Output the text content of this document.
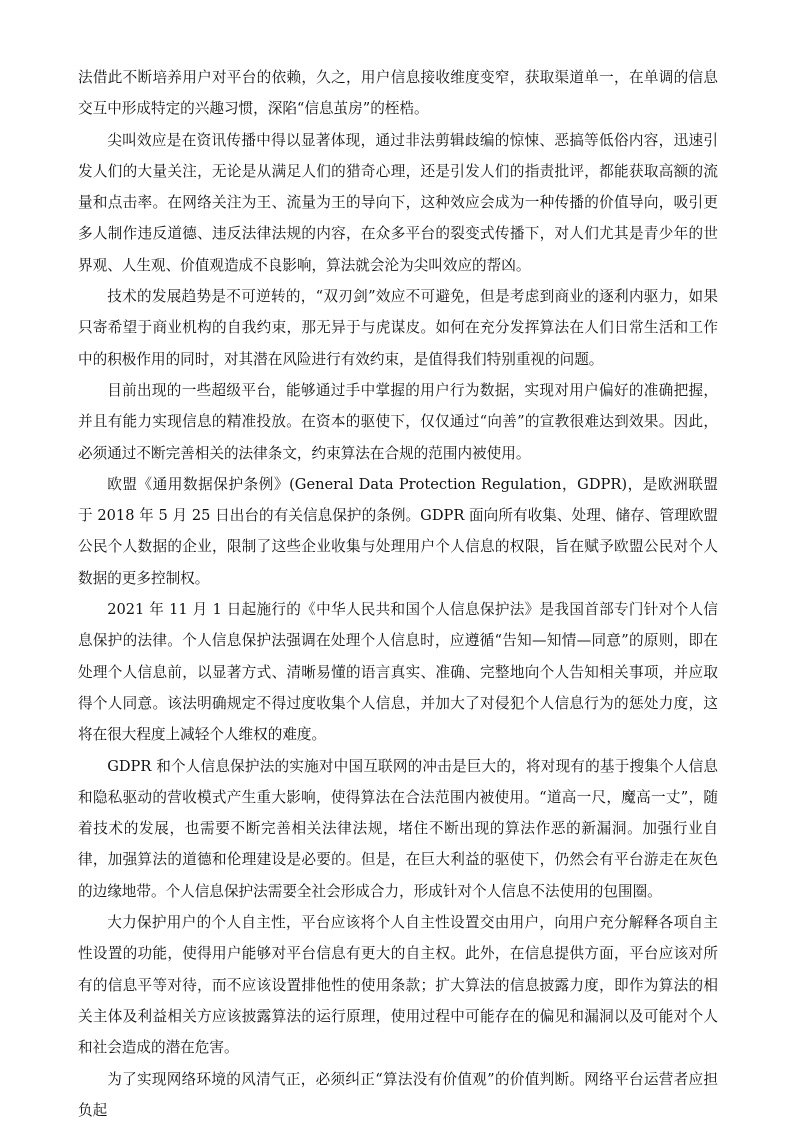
法借此不断培养用户对平台的依赖，久之，用户信息接收维度变窄，获取渠道单一，在单调的信息交互中形成特定的兴趣习惯，深陷“信息茧房”的桎梏。

尖叫效应是在资讯传播中得以显著体现，通过非法剪辑歧编的惊悚、恶搞等低俗内容，迅速引发人们的大量关注，无论是从满足人们的猎奇心理，还是引发人们的指责批评，都能获取高额的流量和点击率。在网络关注为王、流量为王的导向下，这种效应会成为一种传播的价值导向，吸引更多人制作违反道德、违反法律法规的内容，在众多平台的裂变式传播下，对人们尤其是青少年的世界观、人生观、价值观造成不良影响，算法就会沦为尖叫效应的帮凶。

技术的发展趋势是不可逆转的，“双刃剑”效应不可避免，但是考虑到商业的逐利内驱力，如果只寄希望于商业机构的自我约束，那无异于与虎谋皮。如何在充分发挥算法在人们日常生活和工作中的积极作用的同时，对其潜在风险进行有效约束，是值得我们特别重视的问题。

目前出现的一些超级平台，能够通过手中掌握的用户行为数据，实现对用户偏好的准确把握，并且有能力实现信息的精准投放。在资本的驱使下，仅仅通过“向善”的宣教很难达到效果。因此，必须通过不断完善相关的法律条文，约束算法在合规的范围内被使用。

欧盟《通用数据保护条例》(General Data Protection Regulation，GDPR)，是欧洲联盟于 2018 年 5 月 25 日出台的有关信息保护的条例。GDPR 面向所有收集、处理、储存、管理欧盟公民个人数据的企业，限制了这些企业收集与处理用户个人信息的权限，旨在赋予欧盟公民对个人数据的更多控制权。

2021 年 11 月 1 日起施行的《中华人民共和国个人信息保护法》是我国首部专门针对个人信息保护的法律。个人信息保护法强调在处理个人信息时，应遵循“告知—知情—同意”的原则，即在处理个人信息前，以显著方式、清晰易懂的语言真实、准确、完整地向个人告知相关事项，并应取得个人同意。该法明确规定不得过度收集个人信息，并加大了对侵犯个人信息行为的惩处力度，这将在很大程度上减轻个人维权的难度。

GDPR 和个人信息保护法的实施对中国互联网的冲击是巨大的，将对现有的基于搜集个人信息和隐私驱动的营收模式产生重大影响，使得算法在合法范围内被使用。“道高一尺，魔高一丈”，随着技术的发展，也需要不断完善相关法律法规，堵住不断出现的算法作恶的新漏洞。加强行业自律，加强算法的道德和伦理建设是必要的。但是，在巨大利益的驱使下，仍然会有平台游走在灰色的边缘地带。个人信息保护法需要全社会形成合力，形成针对个人信息不法使用的包围圈。

大力保护用户的个人自主性，平台应该将个人自主性设置交由用户，向用户充分解释各项自主性设置的功能，使得用户能够对平台信息有更大的自主权。此外，在信息提供方面，平台应该对所有的信息平等对待，而不应该设置排他性的使用条款；扩大算法的信息披露力度，即作为算法的相关主体及利益相关方应该披露算法的运行原理，使用过程中可能存在的偏见和漏洞以及可能对个人和社会造成的潜在危害。

为了实现网络环境的风清气正，必须纠正“算法没有价值观”的价值判断。网络平台运营者应担负起
